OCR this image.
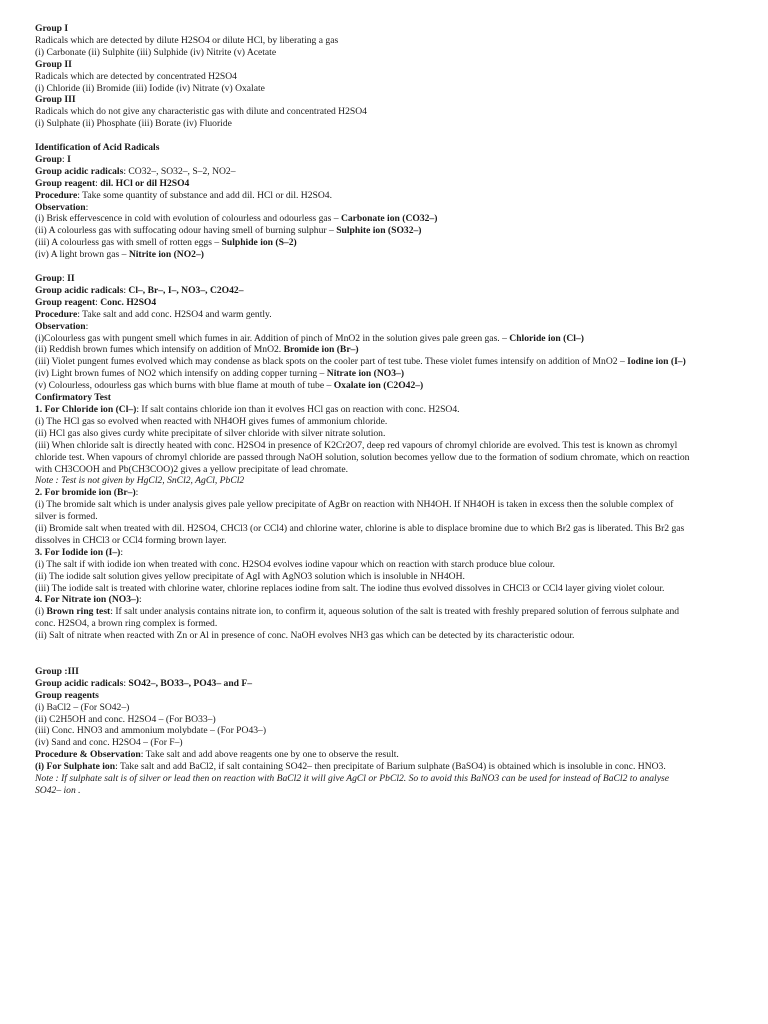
Group I
Radicals which are detected by dilute H2SO4 or dilute HCl, by liberating a gas
(i) Carbonate (ii) Sulphite (iii) Sulphide (iv) Nitrite (v) Acetate
Group II
Radicals which are detected by concentrated H2SO4
(i) Chloride (ii) Bromide (iii) Iodide (iv) Nitrate (v) Oxalate
Group III
Radicals which do not give any characteristic gas with dilute and concentrated H2SO4
(i) Sulphate (ii) Phosphate (iii) Borate (iv) Fluoride
Identification of Acid Radicals
Group: I
Group acidic radicals: CO32–, SO32–, S–2, NO2–
Group reagent: dil. HCl or dil H2SO4
Procedure: Take some quantity of substance and add dil. HCl or dil. H2SO4.
Observation:
(i) Brisk effervescence in cold with evolution of colourless and odourless gas – Carbonate ion (CO32–)
(ii) A colourless gas with suffocating odour having smell of burning sulphur – Sulphite ion (SO32–)
(iii) A colourless gas with smell of rotten eggs – Sulphide ion (S–2)
(iv) A light brown gas – Nitrite ion (NO2–)
Group: II
Group acidic radicals: Cl–, Br–, I–, NO3–, C2O42–
Group reagent: Conc. H2SO4
Procedure: Take salt and add conc. H2SO4 and warm gently.
Observation:
(i)Colourless gas with pungent smell which fumes in air. Addition of pinch of MnO2 in the solution gives pale green gas. – Chloride ion (Cl–)
(ii) Reddish brown fumes which intensify on addition of MnO2. Bromide ion (Br–)
(iii) Violet pungent fumes evolved which may condense as black spots on the cooler part of test tube. These violet fumes intensify on addition of MnO2 – Iodine ion (I–)
(iv) Light brown fumes of NO2 which intensify on adding copper turning – Nitrate ion (NO3–)
(v) Colourless, odourless gas which burns with blue flame at mouth of tube – Oxalate ion (C2O42–)
Confirmatory Test
1. For Chloride ion (Cl–): If salt contains chloride ion than it evolves HCl gas on reaction with conc. H2SO4.
(i) The HCl gas so evolved when reacted with NH4OH gives fumes of ammonium chloride.
(ii) HCl gas also gives curdy white precipitate of silver chloride with silver nitrate solution.
(iii) When chloride salt is directly heated with conc. H2SO4 in presence of K2Cr2O7, deep red vapours of chromyl chloride are evolved. This test is known as chromyl
chloride test. When vapours of chromyl chloride are passed through NaOH solution, solution becomes yellow due to the formation of sodium chromate, which on reaction
with CH3COOH and Pb(CH3COO)2 gives a yellow precipitate of lead chromate.
Note : Test is not given by HgCl2, SnCl2, AgCl, PbCl2
2. For bromide ion (Br–):
(i) The bromide salt which is under analysis gives pale yellow precipitate of AgBr on reaction with NH4OH. If NH4OH is taken in excess then the soluble complex of
silver is formed.
(ii) Bromide salt when treated with dil. H2SO4, CHCl3 (or CCl4) and chlorine water, chlorine is able to displace bromine due to which Br2 gas is liberated. This Br2 gas
dissolves in CHCl3 or CCl4 forming brown layer.
3. For Iodide ion (I–):
(i) The salt if with iodide ion when treated with conc. H2SO4 evolves iodine vapour which on reaction with starch produce blue colour.
(ii) The iodide salt solution gives yellow precipitate of AgI with AgNO3 solution which is insoluble in NH4OH.
(iii) The iodide salt is treated with chlorine water, chlorine replaces iodine from salt. The iodine thus evolved dissolves in CHCl3 or CCl4 layer giving violet colour.
4. For Nitrate ion (NO3–):
(i) Brown ring test: If salt under analysis contains nitrate ion, to confirm it, aqueous solution of the salt is treated with freshly prepared solution of ferrous sulphate and
conc. H2SO4, a brown ring complex is formed.
(ii) Salt of nitrate when reacted with Zn or Al in presence of conc. NaOH evolves NH3 gas which can be detected by its characteristic odour.
Group :III
Group acidic radicals: SO42–, BO33–, PO43– and F–
Group reagents
(i) BaCl2 – (For SO42–)
(ii) C2H5OH and conc. H2SO4 – (For BO33–)
(iii) Conc. HNO3 and ammonium molybdate – (For PO43–)
(iv) Sand and conc. H2SO4 – (For F–)
Procedure & Observation: Take salt and add above reagents one by one to observe the result.
(i) For Sulphate ion: Take salt and add BaCl2, if salt containing SO42– then precipitate of Barium sulphate (BaSO4) is obtained which is insoluble in conc. HNO3.
Note : If sulphate salt is of silver or lead then on reaction with BaCl2 it will give AgCl or PbCl2. So to avoid this BaNO3 can be used for instead of BaCl2 to analyse
SO42– ion .
